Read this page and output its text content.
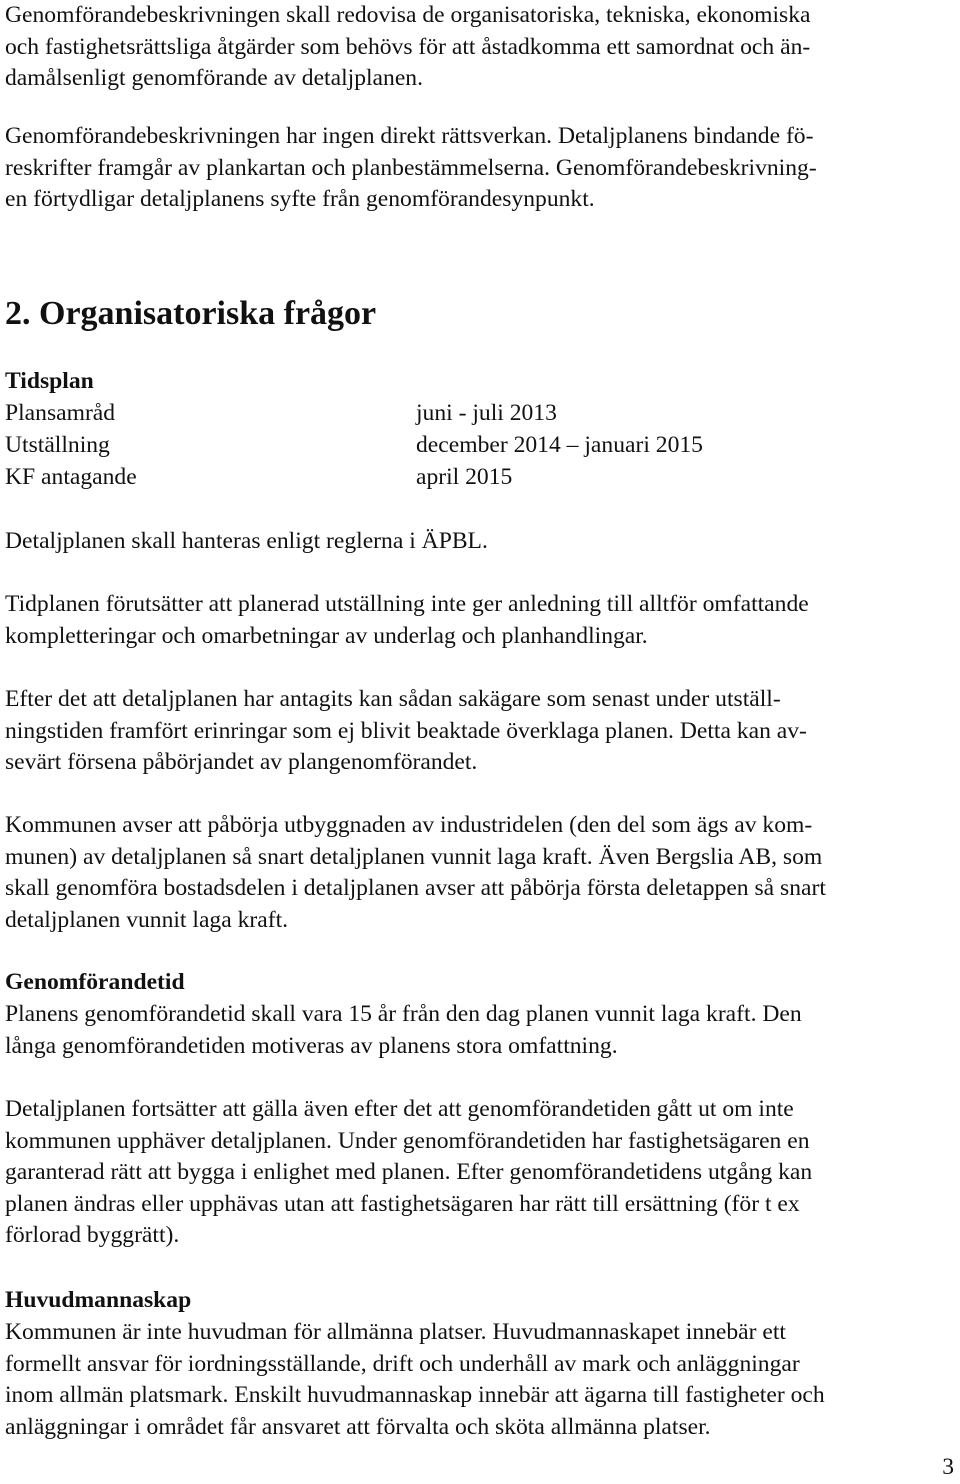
Genomförandebeskrivningen skall redovisa de organisatoriska, tekniska, ekonomiska
och fastighetsrättsliga åtgärder som behövs för att åstadkomma ett samordnat och än-
damålsenligt genomförande av detaljplanen.
Genomförandebeskrivningen har ingen direkt rättsverkan. Detaljplanens bindande fö-
reskrifter framgår av plankartan och planbestämmelserna. Genomförandebeskrivning-
en förtydligar detaljplanens syfte från genomförandesynpunkt.
2. Organisatoriska frågor
Tidsplan
Plansamråd	juni - juli 2013
Utställning	december 2014 – januari 2015
KF antagande	april 2015
Detaljplanen skall hanteras enligt reglerna i ÄPBL.
Tidplanen förutsätter att planerad utställning inte ger anledning till alltför omfattande
kompletteringar och omarbetningar av underlag och planhandlingar.
Efter det att detaljplanen har antagits kan sådan sakägare som senast under utställ-
ningstiden framfört erinringar som ej blivit beaktade överklaga planen. Detta kan av-
sevärt försena påbörjandet av plangenomförandet.
Kommunen avser att påbörja utbyggnaden av industridelen (den del som ägs av kom-
munen) av detaljplanen så snart detaljplanen vunnit laga kraft. Även Bergslia AB, som
skall genomföra bostadsdelen i detaljplanen avser att påbörja första deletappen så snart
detaljplanen vunnit laga kraft.
Genomförandetid
Planens genomförandetid skall vara 15 år från den dag planen vunnit laga kraft. Den
långa genomförandetiden motiveras av planens stora omfattning.
Detaljplanen fortsätter att gälla även efter det att genomförandetiden gått ut om inte
kommunen upphäver detaljplanen. Under genomförandetiden har fastighetsägaren en
garanterad rätt att bygga i enlighet med planen. Efter genomförandetidens utgång kan
planen ändras eller upphävas utan att fastighetsägaren har rätt till ersättning (för t ex
förlorad byggrätt).
Huvudmannaskap
Kommunen är inte huvudman för allmänna platser. Huvudmannaskapet innebär ett
formellt ansvar för iordningsställande, drift och underhåll av mark och anläggningar
inom allmän platsmark. Enskilt huvudmannaskap innebär att ägarna till fastigheter och
anläggningar i området får ansvaret att förvalta och sköta allmänna platser.
3
